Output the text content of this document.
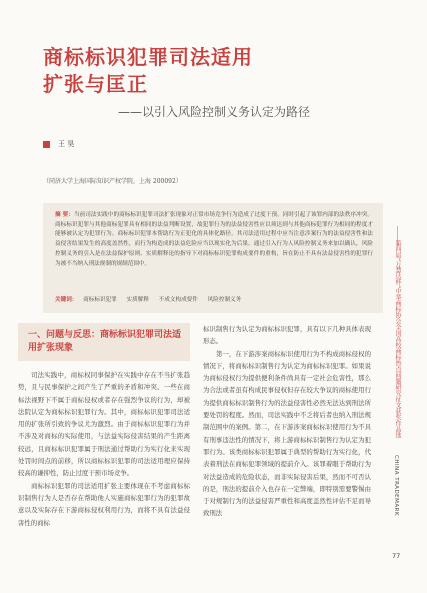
商标标识犯罪司法适用
扩张与匡正
——以引入风险控制义务认定为路径
王 昊
（同济大学上海国际知识产权学院，上海 200092）
摘 要：当前司法实践中的商标标识犯罪司法扩张现象对正常市场竞争行为造成了过度干预，同时引起了该罪内部的法秩序冲突。商标标识犯罪与其他商标犯罪具有相同的法益判断设置，故犯罪行为的法益侵害性应以须达到与其他商标犯罪行为相同的程度才能够被认定为犯罪行为。商标标识犯罪本帮助行为正犯化的具体化路径，其司法适用过程中应当注意涉案行为的法益侵害性和法益侵害结果发生的高度盖然性，而行为构造成的法益危险应当以现实化为后果。通过引入行为人风险控制义务来加以确认，风险控制义务的引入是在法益保护原则、实质解释论的指导下对商标标识犯罪构成要件的重构，旨在防止不具有法益侵害性的犯罪行为被不当纳入刑法规制的规制范围中。
关键词： 商标标识犯罪 实质解释 不成文构成要件 风险控制义务
一、问题与反思：商标标识犯罪司法适用扩张现象

司法实践中，商标权同事保护在实践中存在不当扩张趋势，且与民事保护之间产生了严重的矛盾和冲突。一些在商标法视野下不属于商标侵权或者存在强烈争议的行为，却被法院认定为商标标识犯罪行为。其中，商标标识犯罪司法适用的扩张所引致的争议尤为激烈。由于商标标识犯罪行为并不涉及对商标的实际使用，与法益实际侵害结果的产生距离较远，且商标标识犯罪属于刑法通过帮助行为实行化来实现处罚时间点的前移，所以商标标识犯罪的司法适用理应保持较高的谦抑性，防止过度干预市场竞争。

商标标识犯罪的司法适用扩张主要体现在不考虑商标标识制售行为人是否存在帮助他人实施商标犯罪行为的犯罪故意以及实际存在下游商标侵权利用行为，而将不具有法益侵害性的商标

标识制售行为认定为商标标识犯罪，具有以下几种具体表现形态。

第一，在下游涉案商标标识使用行为不构成商标侵权的情况下，将商标标识制售行为认定为商标标识犯罪。如果说为商标侵权行为提供便利条件尚具有一定社会危害性，那么为合法或者虽有构成民事侵权但存在较大争议的商标使用行为提供商标标识制售行为的法益侵害性必然无法达到刑法所要处罚的程度。然而，司法实践中不乏将后者也纳入刑法规制范围中的案例。第二，在下游涉案商标标识使用行为不具有刑事违法性的情况下，将上游商标标识制售行为认定为犯罪行为。该类商标标识犯罪属于典型的帮助行为实行化，代表着刑法在商标犯罪领域的提前介入。该罪着眼于帮助行为对法益造成的危险状态，而非实际侵害后果，然而不可否认的是，刑法的提前介入也存在一定弊端，即特别需要警惕由于对规制行为的法益侵害严重性和高度盖然性评估不足而导致刑法

第四届“万慧达杯”中华商标协会全国高校商标热点问题研究征文获奖作品选
CHINA TRADEMARK
77
